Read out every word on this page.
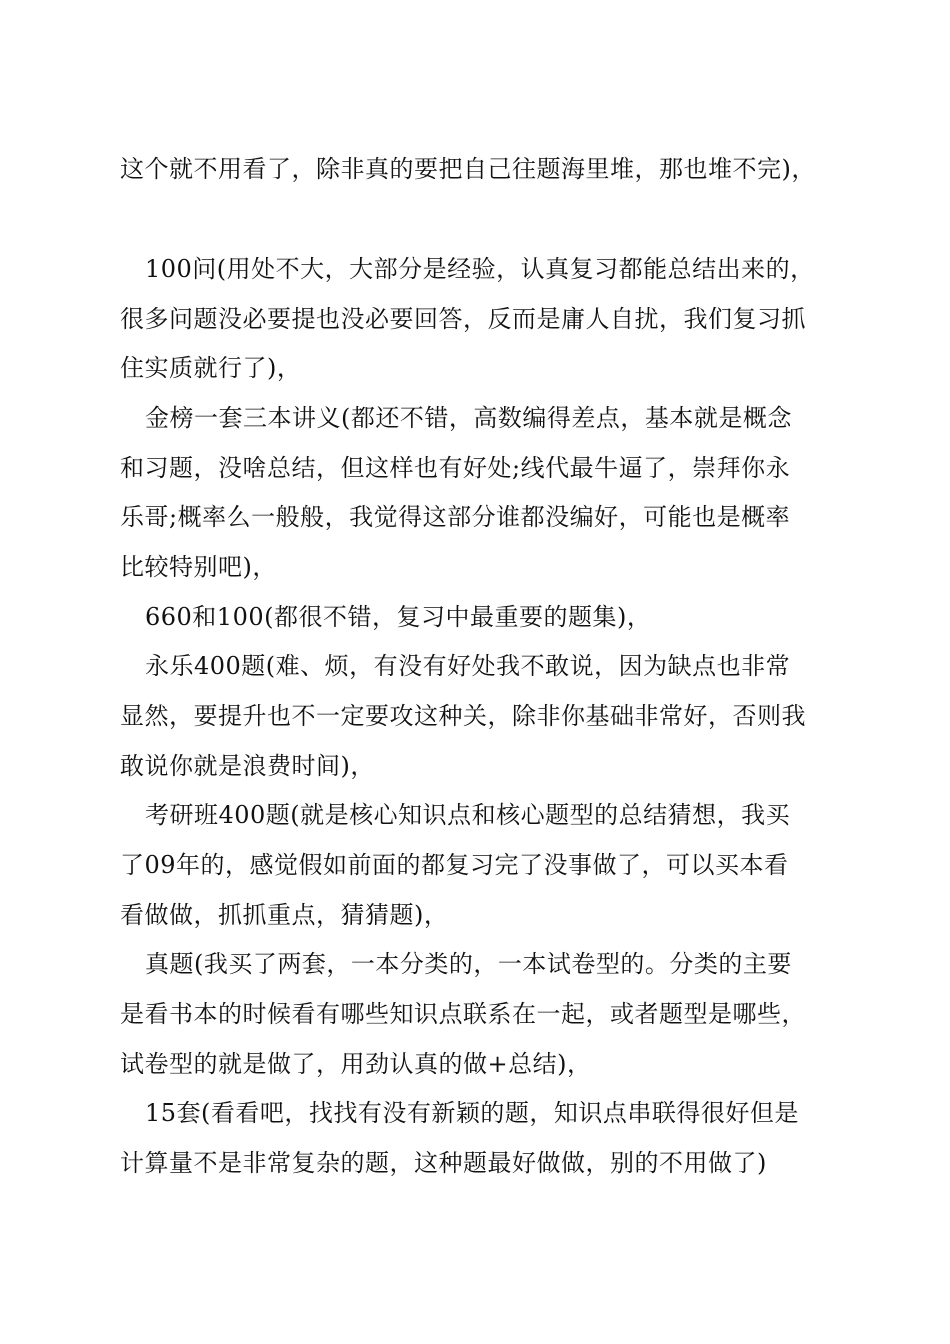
这个就不用看了，除非真的要把自己往题海里堆，那也堆不完)，
100问(用处不大，大部分是经验，认真复习都能总结出来的，
很多问题没必要提也没必要回答，反而是庸人自扰，我们复习抓
住实质就行了)，
金榜一套三本讲义(都还不错，高数编得差点，基本就是概念
和习题，没啥总结，但这样也有好处;线代最牛逼了，崇拜你永
乐哥;概率么一般般，我觉得这部分谁都没编好，可能也是概率
比较特别吧)，
660和100(都很不错，复习中最重要的题集)，
永乐400题(难、烦，有没有好处我不敢说，因为缺点也非常
显然，要提升也不一定要攻这种关，除非你基础非常好，否则我
敢说你就是浪费时间)，
考研班400题(就是核心知识点和核心题型的总结猜想，我买
了09年的，感觉假如前面的都复习完了没事做了，可以买本看
看做做，抓抓重点，猜猜题)，
真题(我买了两套，一本分类的，一本试卷型的。分类的主要
是看书本的时候看有哪些知识点联系在一起，或者题型是哪些，
试卷型的就是做了，用劲认真的做+总结)，
15套(看看吧，找找有没有新颖的题，知识点串联得很好但是
计算量不是非常复杂的题，这种题最好做做，别的不用做了)
